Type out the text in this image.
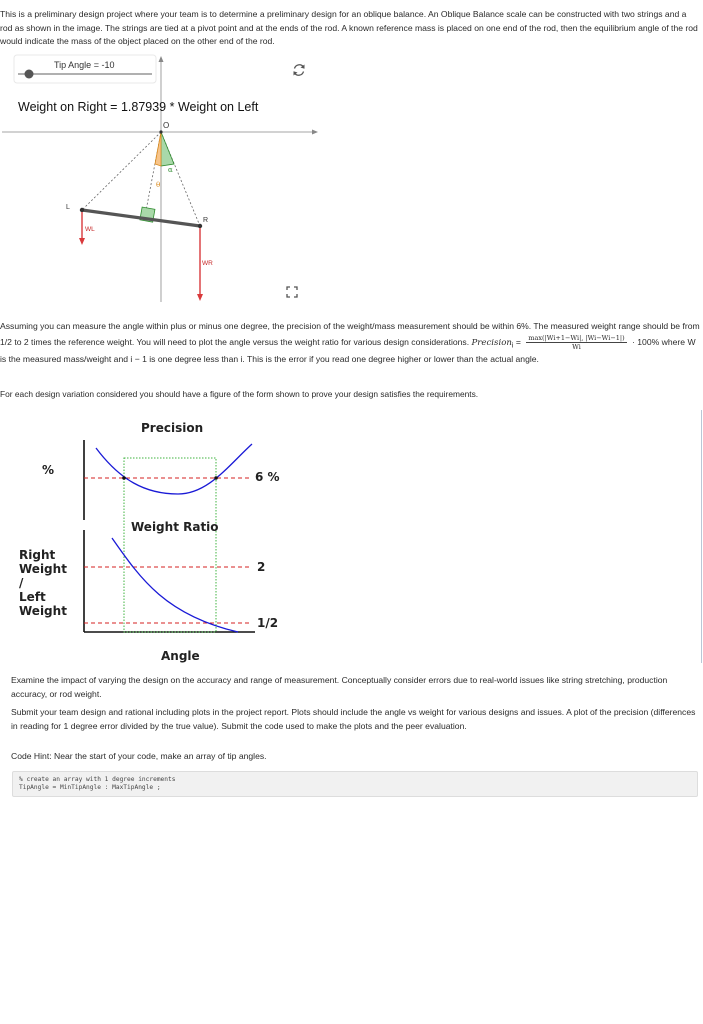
This is a preliminary design project where your team is to determine a preliminary design for an oblique balance. An Oblique Balance scale can be constructed with two strings and a rod as shown in the image. The strings are tied at a pivot point and at the ends of the rod. A known reference mass is placed on one end of the rod, then the equilibrium angle of the rod would indicate the mass of the object placed on the other end of the rod.
O
L
R
WL
WR
α
θ
Tip Angle = -10
Weight on Right = 1.87939 * Weight on Left
Assuming you can measure the angle within plus or minus one degree, the precision of the weight/mass measurement should be within 6%. The measured weight range should be from 1/2 to 2 times the reference weight. You will need to plot the angle versus the weight ratio for various design considerations. Precision$_i$ = $\frac{\max(|Wi+1-Wi|, |Wi-Wi-1|)}{Wi} \cdot 100\%$ where W is the measured mass/weight and i − 1 is one degree less than i. This is the error if you read one degree higher or lower than the actual angle.
For each design variation considered you should have a figure of the form shown to prove your design satisfies the requirements.
Precision
%	6 %
Weight Ratio
2
1/2
Angle
Right
Weight
/
Left
Weight
Examine the impact of varying the design on the accuracy and range of measurement. Conceptually consider errors due to real-world issues like string stretching, production accuracy, or rod weight.
Submit your team design and rational including plots in the project report. Plots should include the angle vs weight for various designs and issues. A plot of the precision (differences in reading for 1 degree error divided by the true value). Submit the code used to make the plots and the peer evaluation.
Code Hint: Near the start of your code, make an array of tip angles.
% create an array with 1 degree increments
TipAngle = MinTipAngle : MaxTipAngle ;
